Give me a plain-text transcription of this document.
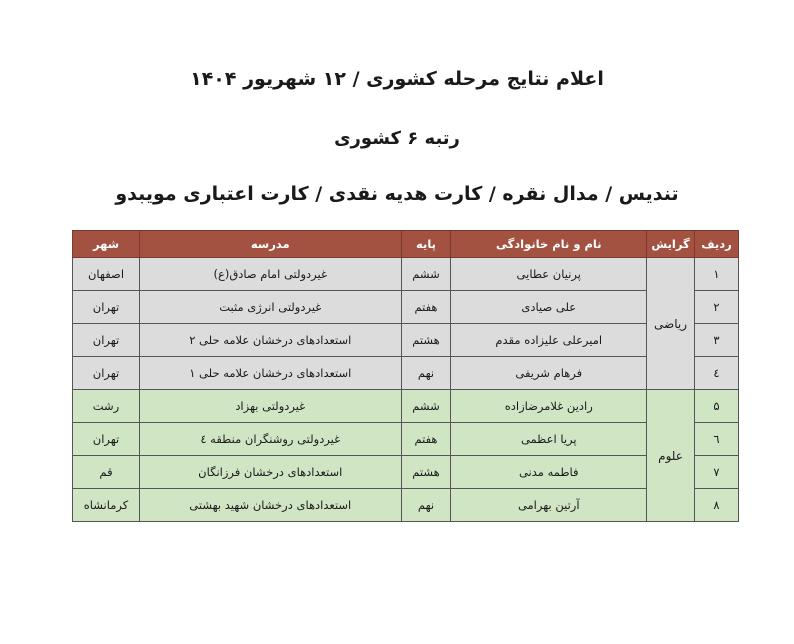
اعلام نتایج مرحله کشوری / ۱۲ شهریور ۱۴۰۴
رتبه ۶ کشوری
تندیس / مدال نقره / کارت هدیه نقدی / کارت اعتباری مویبدو
ردیف	گرایش	نام و نام خانوادگی	پایه	مدرسه	شهر
۱	ریاضی	پرنیان عطایی	ششم	غیردولتی امام صادق(ع)	اصفهان
۲		علی صیادی	هفتم	غیردولتی انرژی مثبت	تهران
۳		امیرعلی علیزاده مقدم	هشتم	استعدادهای درخشان علامه حلی ۲	تهران
٤		فرهام شریفی	نهم	استعدادهای درخشان علامه حلی ۱	تهران
۵	علوم	رادین غلامرضازاده	ششم	غیردولتی بهزاد	رشت
٦		پریا اعظمی	هفتم	غیردولتی روشنگران منطقه ٤	تهران
۷		فاطمه مدنی	هشتم	استعدادهای درخشان فرزانگان	قم
۸		آرتین بهرامی	نهم	استعدادهای درخشان شهید بهشتی	کرمانشاه
